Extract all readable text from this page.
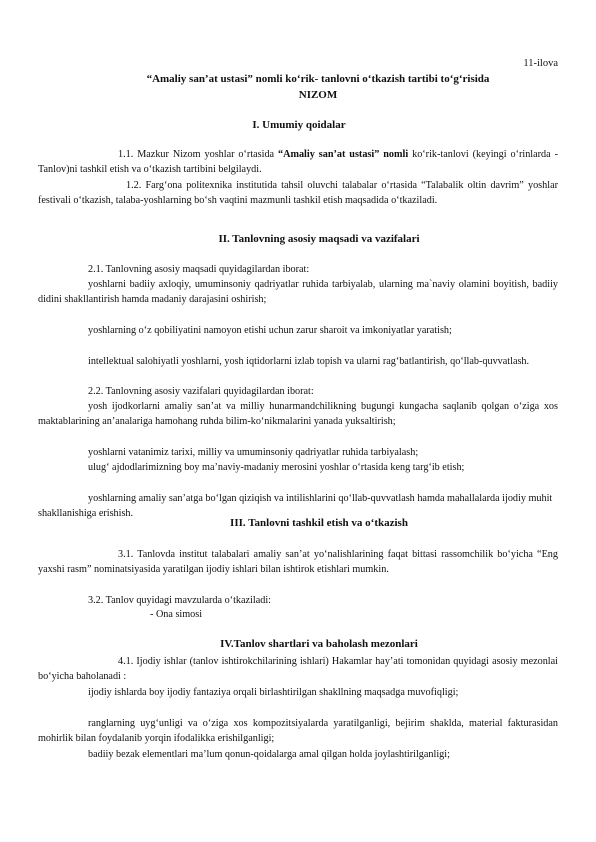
11-ilova
“Amaliy san’at ustasi” nomli ko‘rik- tanlovni o‘tkazish tartibi to‘g‘risida
NIZOM
I. Umumiy qoidalar
1.1. Mazkur Nizom yoshlar o‘rtasida “Amaliy san’at ustasi” nomli ko‘rik-tanlovi (keyingi o‘rinlarda -Tanlov)ni tashkil etish va o‘tkazish tartibini belgilaydi.
1.2. Farg‘ona politexnika institutida tahsil oluvchi talabalar o‘rtasida “Talabalik oltin davrim” yoshlar festivali o‘tkazish, talaba-yoshlarning bo‘sh vaqtini mazmunli tashkil etish maqsadida o‘tkaziladi.
II. Tanlovning asosiy maqsadi va vazifalari
2.1. Tanlovning asosiy maqsadi quyidagilardan iborat:
yoshlarni badiiy axloqiy, umuminsoniy qadriyatlar ruhida tarbiyalab, ularning ma`naviy olamini boyitish, badiiy didini shakllantirish hamda madaniy darajasini oshirish;
yoshlarning o‘z qobiliyatini namoyon etishi uchun zarur sharoit va imkoniyatlar yaratish;
intellektual salohiyatli yoshlarni, yosh iqtidorlarni izlab topish va ularni rag‘batlantirish, qo‘llab-quvvatlash.
2.2. Tanlovning asosiy vazifalari quyidagilardan iborat:
yosh ijodkorlarni amaliy san’at va milliy hunarmandchilikning bugungi kungacha saqlanib qolgan o‘ziga xos maktablarining an’analariga hamohang ruhda bilim-ko‘nikmalarini yanada yuksaltirish;
yoshlarni vatanimiz tarixi, milliy va umuminsoniy qadriyatlar ruhida tarbiyalash;
ulug‘ ajdodlarimizning boy ma’naviy-madaniy merosini yoshlar o‘rtasida keng targ‘ib etish;
yoshlarning amaliy san’atga bo‘lgan qiziqish va intilishlarini qo‘llab-quvvatlash hamda mahallalarda ijodiy muhit shakllanishiga erishish.
III. Tanlovni tashkil etish va o‘tkazish
3.1. Tanlovda institut talabalari amaliy san’at yo‘nalishlarining faqat bittasi rassomchilik bo‘yicha “Eng yaxshi rasm” nominatsiyasida yaratilgan ijodiy ishlari bilan ishtirok etishlari mumkin.
3.2. Tanlov quyidagi mavzularda o‘tkaziladi:
- Ona simosi
IV.Tanlov shartlari va baholash mezonlari
4.1. Ijodiy ishlar (tanlov ishtirokchilarining ishlari) Hakamlar hay’ati tomonidan quyidagi asosiy mezonlai bo‘yicha baholanadi :
ijodiy ishlarda boy ijodiy fantaziya orqali birlashtirilgan shakllning maqsadga muvofiqligi;
ranglarning uyg‘unligi va o‘ziga xos kompozitsiyalarda yaratilganligi, bejirim shaklda, material fakturasidan mohirlik bilan foydalanib yorqin ifodalikka erishilganligi;
badiiy bezak elementlari ma’lum qonun-qoidalarga amal qilgan holda joylashtirilganligi;
